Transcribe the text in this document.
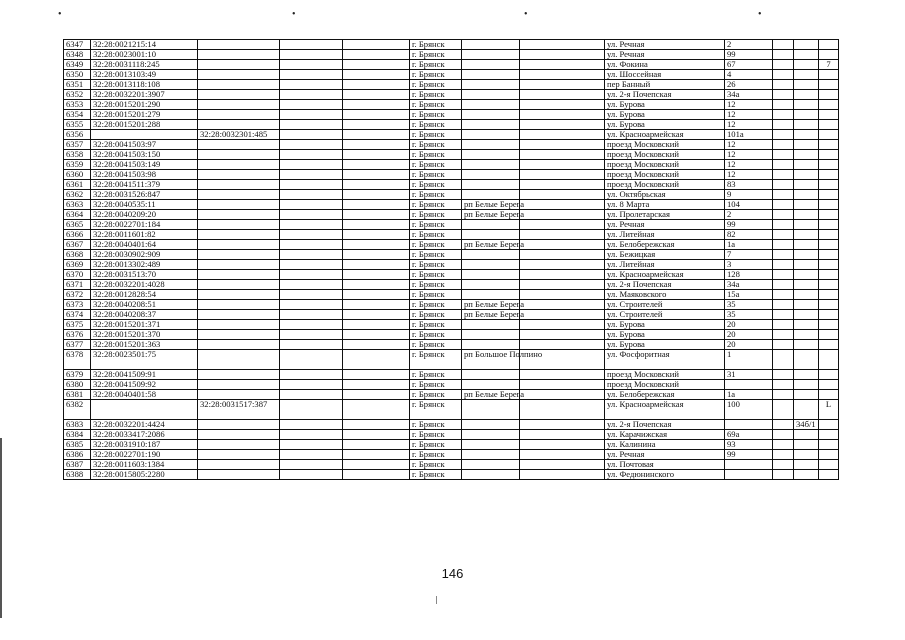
•	•	•	•
6347	32:28:0021215:14				г. Брянск			ул. Речная	2			
6348	32:28:0023001:10				г. Брянск			ул. Речная	99			
6349	32:28:0031118:245				г. Брянск			ул. Фокина	67			7
6350	32:28:0013103:49				г. Брянск			ул. Шоссейная	4			
6351	32:28:0013118:108				г. Брянск			пер Банный	26			
6352	32:28:0032201:3907				г. Брянск			ул. 2-я Почепская	34а			
6353	32:28:0015201:290				г. Брянск			ул. Бурова	12			
6354	32:28:0015201:279				г. Брянск			ул. Бурова	12			
6355	32:28:0015201:288				г. Брянск			ул. Бурова	12			
6356		32:28:0032301:485			г. Брянск			ул. Красноармейская	101а			
6357	32:28:0041503:97				г. Брянск			проезд Московский	12			
6358	32:28:0041503:150				г. Брянск			проезд Московский	12			
6359	32:28:0041503:149				г. Брянск			проезд Московский	12			
6360	32:28:0041503:98				г. Брянск			проезд Московский	12			
6361	32:28:0041511:379				г. Брянск			проезд Московский	83			
6362	32:28:0031526:847				г. Брянск			ул. Октябрьская	9			
6363	32:28:0040535:11				г. Брянск	рп Белые Берега		ул. 8 Марта	104			
6364	32:28:0040209:20				г. Брянск	рп Белые Берега		ул. Пролетарская	2			
6365	32:28:0022701:184				г. Брянск			ул. Речная	99			
6366	32:28:0011601:82				г. Брянск			ул. Литейная	82			
6367	32:28:0040401:64				г. Брянск	рп Белые Берега		ул. Белобережская	1а			
6368	32:28:0030902:909				г. Брянск			ул. Бежицкая	7			
6369	32:28:0013302:489				г. Брянск			ул. Литейная	3			
6370	32:28:0031513:70				г. Брянск			ул. Красноармейская	128			
6371	32:28:0032201:4028				г. Брянск			ул. 2-я Почепская	34а			
6372	32:28:0012828:54				г. Брянск			ул. Маяковского	15а			
6373	32:28:0040208:51				г. Брянск	рп Белые Берега		ул. Строителей	35			
6374	32:28:0040208:37				г. Брянск	рп Белые Берега		ул. Строителей	35			
6375	32:28:0015201:371				г. Брянск			ул. Бурова	20			
6376	32:28:0015201:370				г. Брянск			ул. Бурова	20			
6377	32:28:0015201:363				г. Брянск			ул. Бурова	20			
6378	32:28:0023501:75				г. Брянск	рп Большое Полпино		ул. Фосфоритная	1			
6379	32:28:0041509:91				г. Брянск			проезд Московский	31			
6380	32:28:0041509:92				г. Брянск			проезд Московский				
6381	32:28:0040401:58				г. Брянск	рп Белые Берега		ул. Белобережская	1а			
6382		32:28:0031517:387			г. Брянск			ул. Красноармейская	100			L
6383	32:28:0032201:4424				г. Брянск			ул. 2-я Почепская			34б/1	
6384	32:28:0033417:2086				г. Брянск			ул. Карачижская	69а			
6385	32:28:0031910:187				г. Брянск			ул. Калинина	93			
6386	32:28:0022701:190				г. Брянск			ул. Речная	99			
6387	32:28:0011603:1384				г. Брянск			ул. Почтовая				
6388	32:28:0015805:2280				г. Брянск			ул. Федюнинского				
146
